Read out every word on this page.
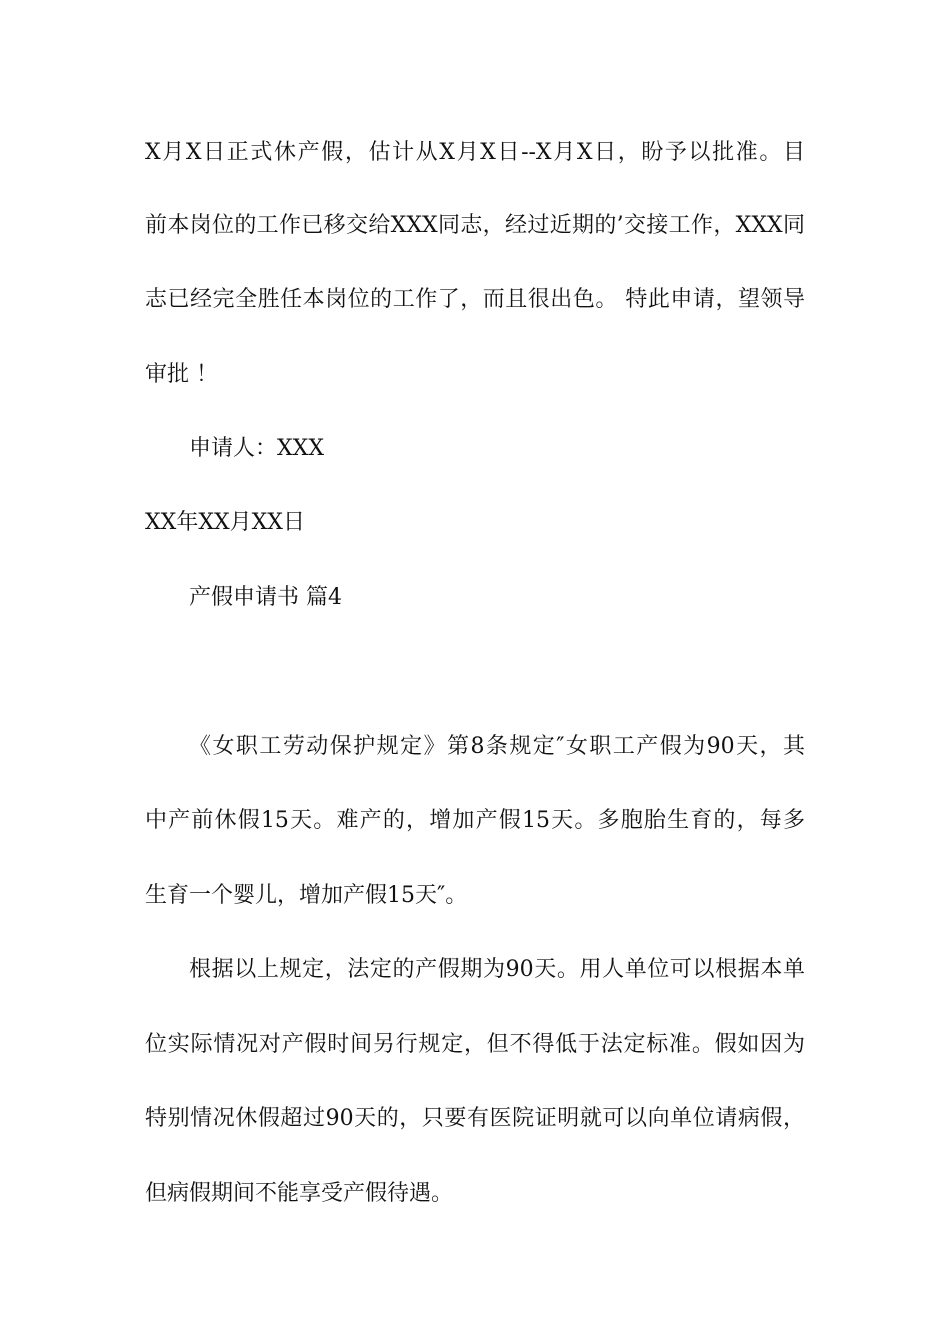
X月X日正式休产假，估计从X月X日--X月X日，盼予以批准。目
前本岗位的工作已移交给XXX同志，经过近期的’交接工作，XXX同
志已经完全胜任本岗位的工作了，而且很出色。 特此申请，望领导
审批 ！
申请人：XXX
XX年XX月XX日
产假申请书 篇4
《女职工劳动保护规定》第8条规定″女职工产假为90天，其
中产前休假15天。难产的，增加产假15天。多胞胎生育的，每多
生育一个婴儿，增加产假15天″。
根据以上规定，法定的产假期为90天。用人单位可以根据本单
位实际情况对产假时间另行规定，但不得低于法定标准。假如因为
特别情况休假超过90天的，只要有医院证明就可以向单位请病假，
但病假期间不能享受产假待遇。
